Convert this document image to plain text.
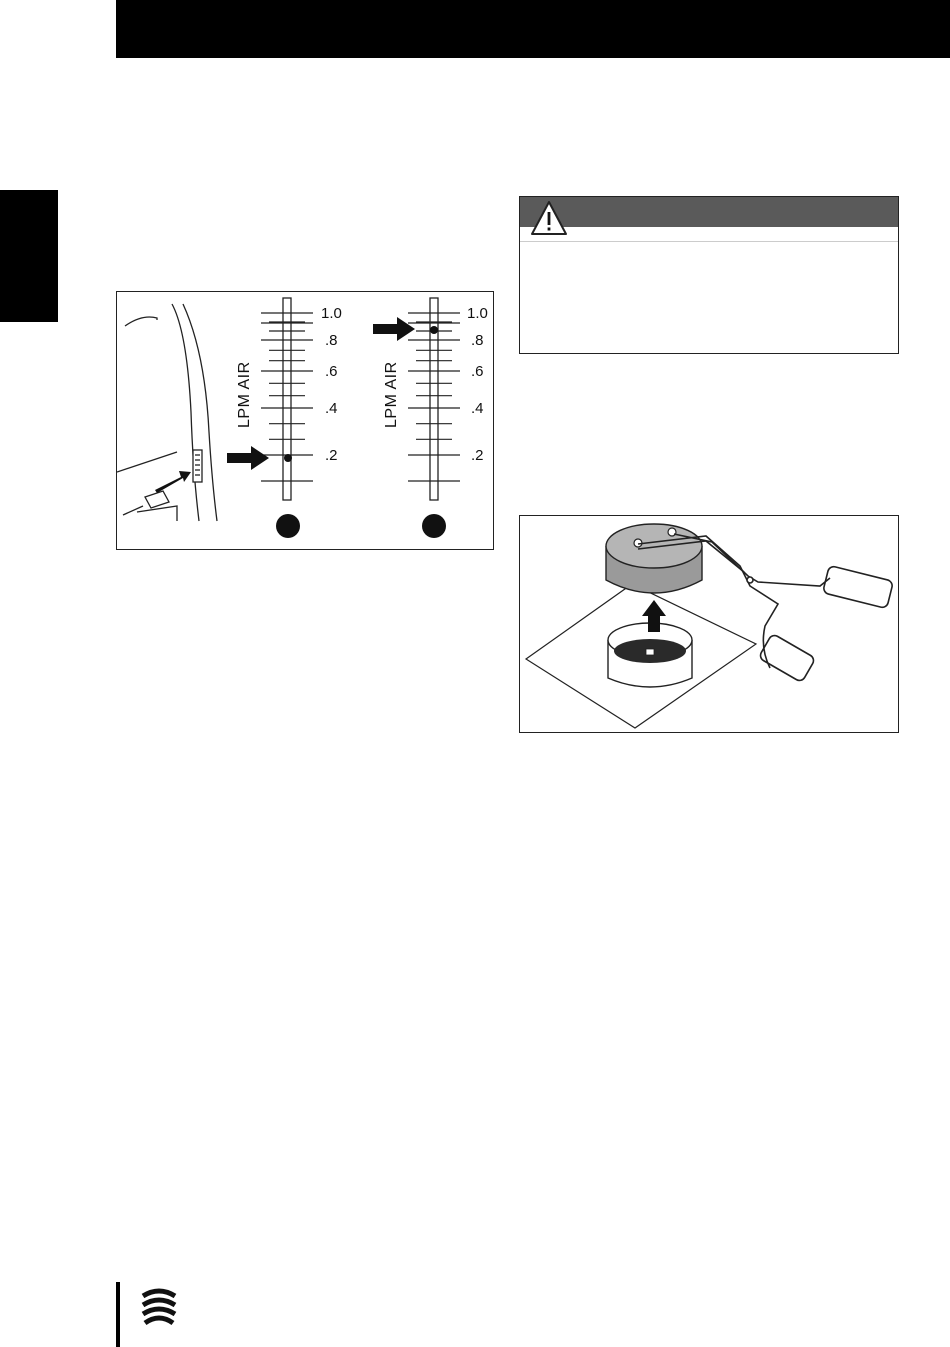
LPM AIR
1.0
.8
.6
.4
.2
LPM AIR
1.0
.8
.6
.4
.2
